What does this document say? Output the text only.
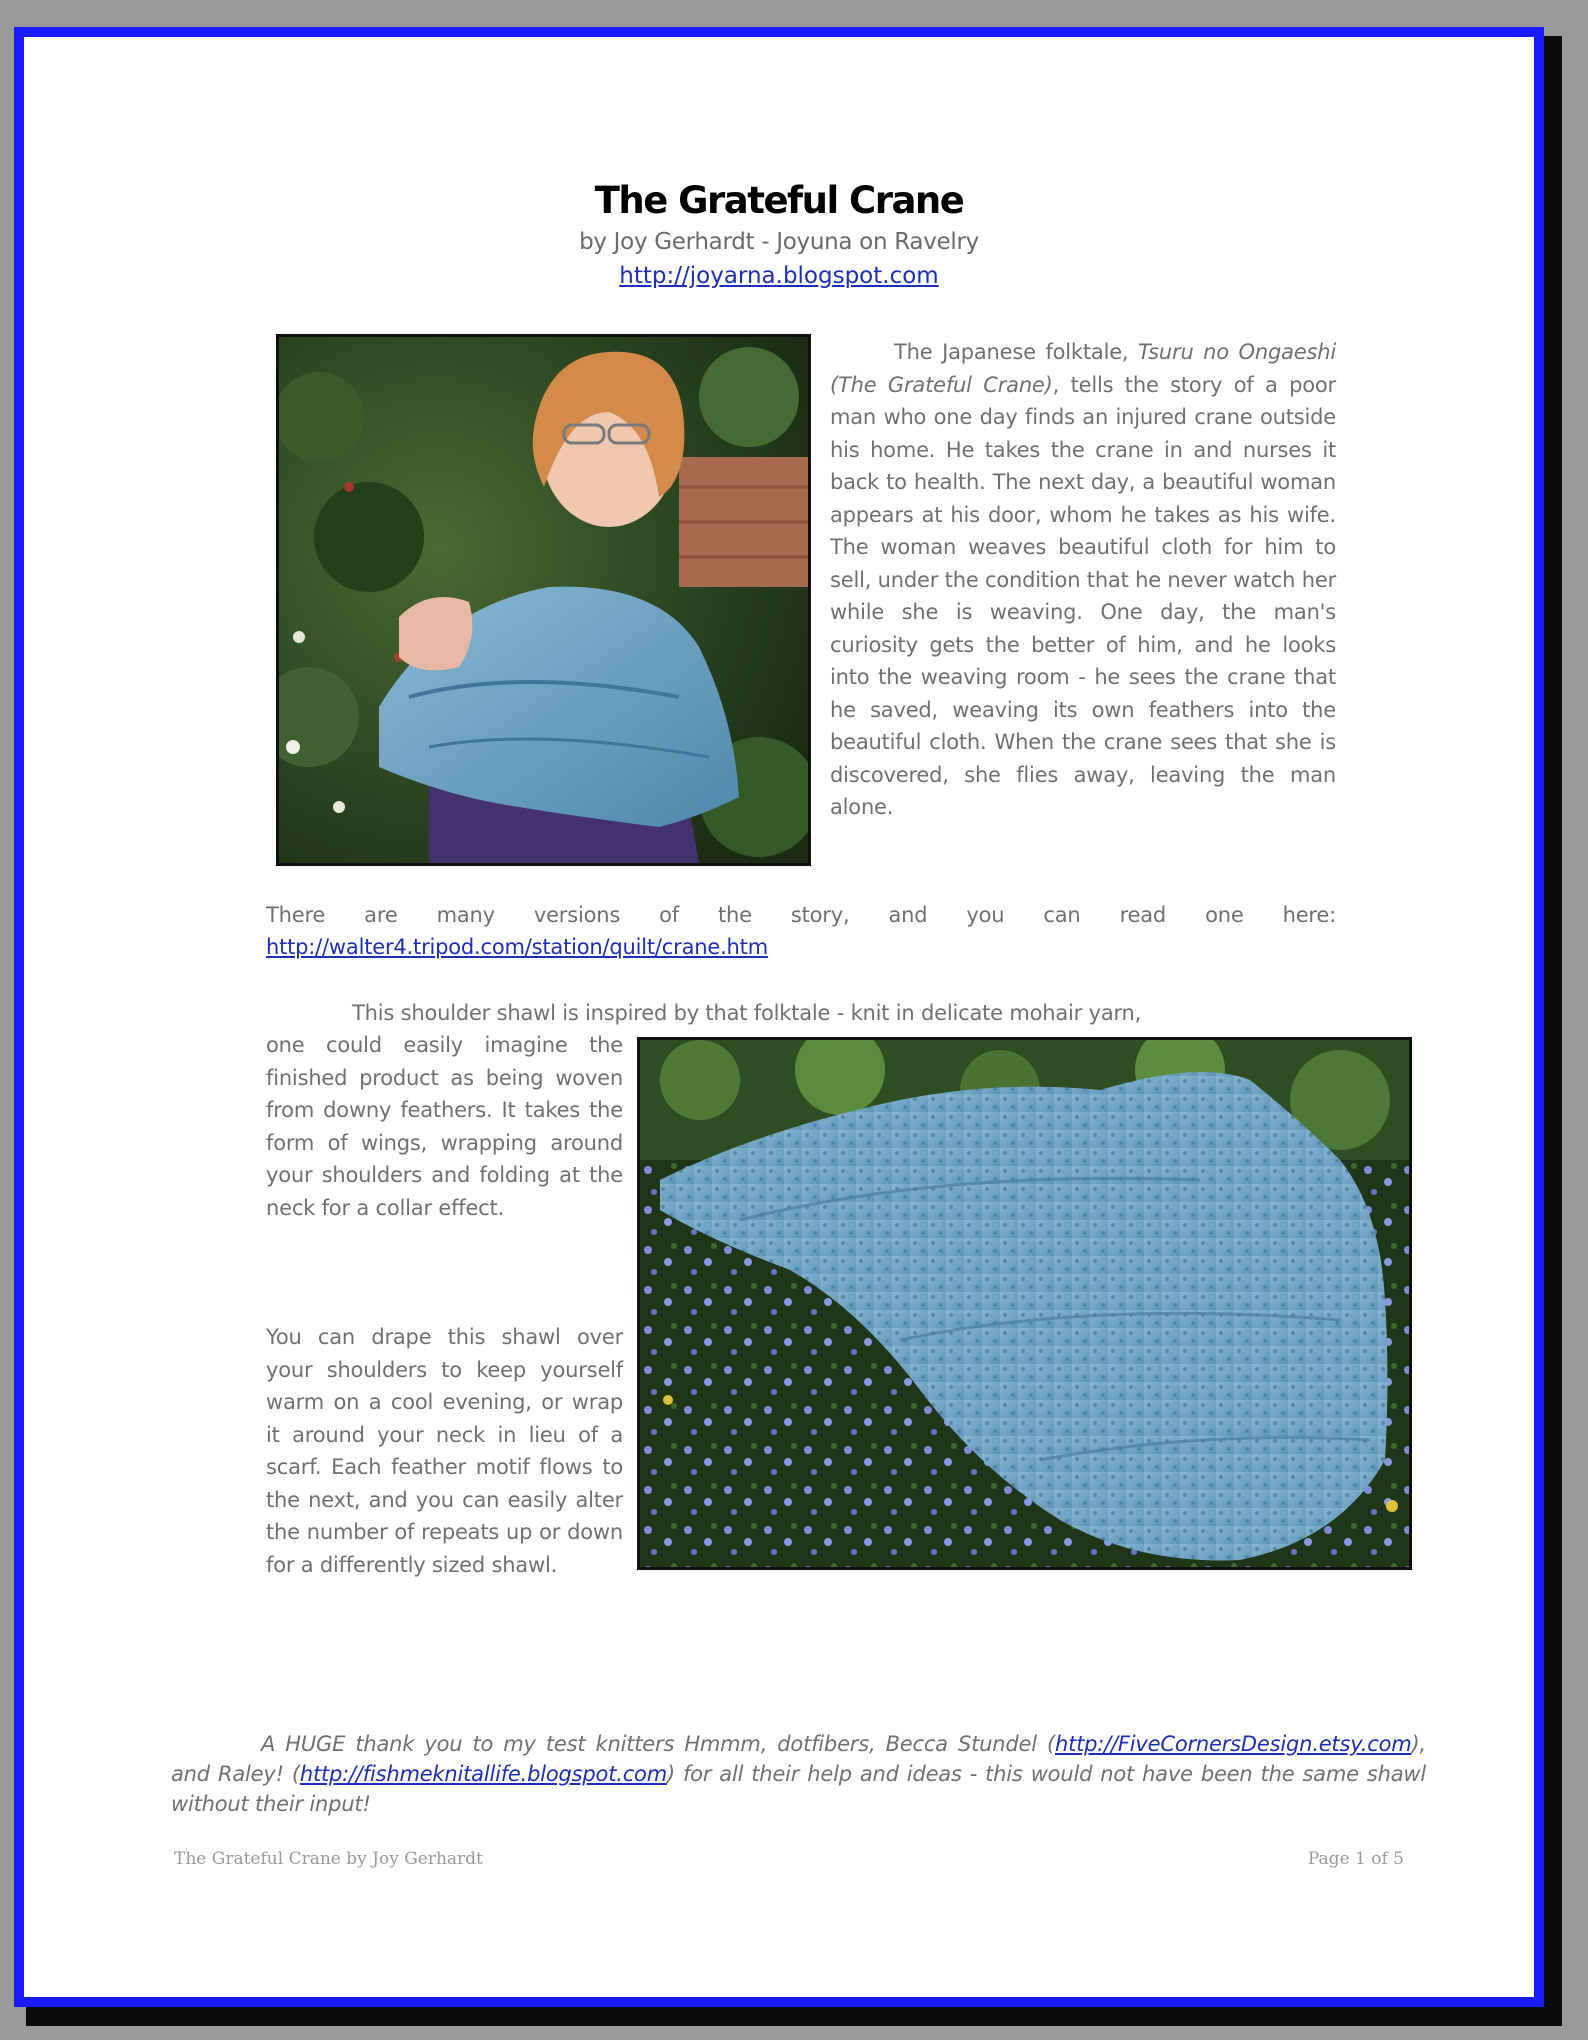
The Grateful Crane
by Joy Gerhardt - Joyuna on Ravelry
http://joyarna.blogspot.com
The Japanese folktale, Tsuru no Ongaeshi (The Grateful Crane), tells the story of a poor man who one day finds an injured crane outside his home. He takes the crane in and nurses it back to health. The next day, a beautiful woman appears at his door, whom he takes as his wife. The woman weaves beautiful cloth for him to sell, under the condition that he never watch her while she is weaving. One day, the man's curiosity gets the better of him, and he looks into the weaving room - he sees the crane that he saved, weaving its own feathers into the beautiful cloth. When the crane sees that she is discovered, she flies away, leaving the man alone.
There are many versions of the story, and you can read one here:
http://walter4.tripod.com/station/quilt/crane.htm
This shoulder shawl is inspired by that folktale - knit in delicate mohair yarn,
one could easily imagine the finished product as being woven from downy feathers. It takes the form of wings, wrapping around your shoulders and folding at the neck for a collar effect.
You can drape this shawl over your shoulders to keep yourself warm on a cool evening, or wrap it around your neck in lieu of a scarf. Each feather motif flows to the next, and you can easily alter the number of repeats up or down for a differently sized shawl.
A HUGE thank you to my test knitters Hmmm, dotfibers, Becca Stundel (http://FiveCornersDesign.etsy.com), and Raley! (http://fishmeknitallife.blogspot.com) for all their help and ideas - this would not have been the same shawl without their input!
The Grateful Crane by Joy Gerhardt	Page 1 of 5
